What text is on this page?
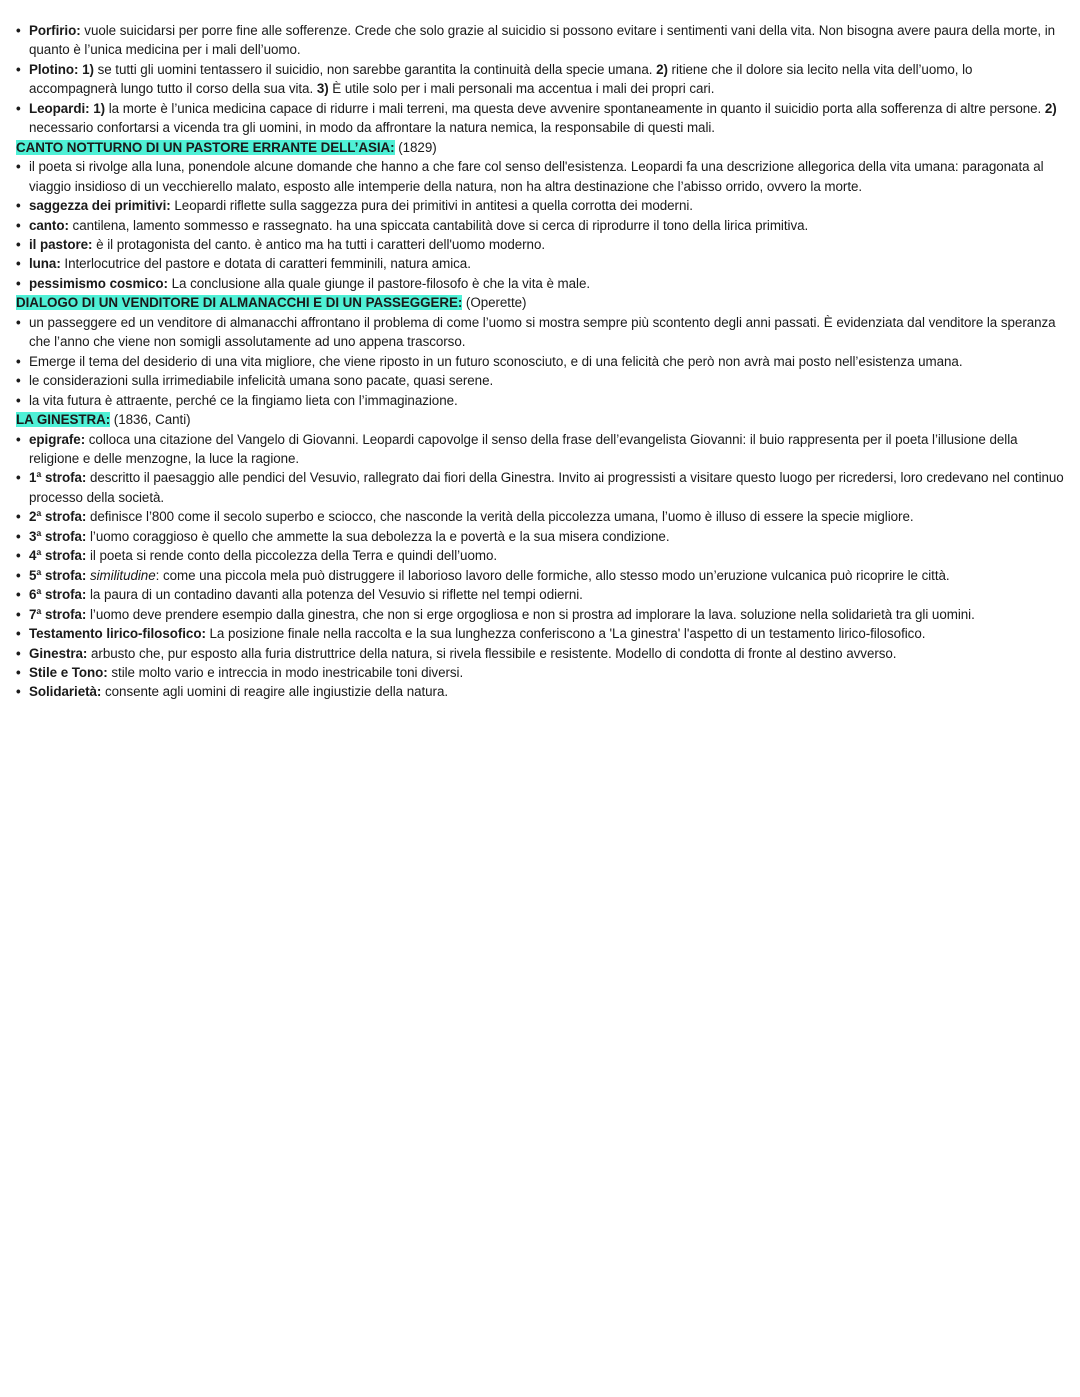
• Porfirio: vuole suicidarsi per porre fine alle sofferenze. Crede che solo grazie al suicidio si possono evitare i sentimenti vani della vita. Non bisogna avere paura della morte, in quanto è l’unica medicina per i mali dell’uomo.
• Plotino: 1) se tutti gli uomini tentassero il suicidio, non sarebbe garantita la continuità della specie umana. 2) ritiene che il dolore sia lecito nella vita dell’uomo, lo accompagnerà lungo tutto il corso della sua vita. 3) È utile solo per i mali personali ma accentua i mali dei propri cari.
• Leopardi: 1) la morte è l’unica medicina capace di ridurre i mali terreni, ma questa deve avvenire spontaneamente in quanto il suicidio porta alla sofferenza di altre persone. 2) necessario confortarsi a vicenda tra gli uomini, in modo da affrontare la natura nemica, la responsabile di questi mali.
CANTO NOTTURNO DI UN PASTORE ERRANTE DELL’ASIA: (1829)
• il poeta si rivolge alla luna, ponendole alcune domande che hanno a che fare col senso dell'esistenza. Leopardi fa una descrizione allegorica della vita umana: paragonata al viaggio insidioso di un vecchierello malato, esposto alle intemperie della natura, non ha altra destinazione che l’abisso orrido, ovvero la morte.
• saggezza dei primitivi: Leopardi riflette sulla saggezza pura dei primitivi in antitesi a quella corrotta dei moderni.
• canto: cantilena, lamento sommesso e rassegnato. ha una spiccata cantabilità dove si cerca di riprodurre il tono della lirica primitiva.
• il pastore: è il protagonista del canto. è antico ma ha tutti i caratteri dell'uomo moderno.
• luna: Interlocutrice del pastore e dotata di caratteri femminili, natura amica.
• pessimismo cosmico: La conclusione alla quale giunge il pastore-filosofo è che la vita è male.
DIALOGO DI UN VENDITORE DI ALMANACCHI E DI UN PASSEGGERE: (Operette)
• un passeggere ed un venditore di almanacchi affrontano il problema di come l’uomo si mostra sempre più scontento degli anni passati. È evidenziata dal venditore la speranza che l’anno che viene non somigli assolutamente ad uno appena trascorso.
• Emerge il tema del desiderio di una vita migliore, che viene riposto in un futuro sconosciuto, e di una felicità che però non avrà mai posto nell’esistenza umana.
• le considerazioni sulla irrimediabile infelicità umana sono pacate, quasi serene.
• la vita futura è attraente, perché ce la fingiamo lieta con l’immaginazione.
LA GINESTRA: (1836, Canti)
• epigrafe: colloca una citazione del Vangelo di Giovanni. Leopardi capovolge il senso della frase dell’evangelista Giovanni: il buio rappresenta per il poeta l’illusione della religione e delle menzogne, la luce la ragione.
• 1ª strofa: descritto il paesaggio alle pendici del Vesuvio, rallegrato dai fiori della Ginestra. Invito ai progressisti a visitare questo luogo per ricredersi, loro credevano nel continuo processo della società.
• 2ª strofa: definisce l’800 come il secolo superbo e sciocco, che nasconde la verità della piccolezza umana, l’uomo è illuso di essere la specie migliore.
• 3ª strofa: l’uomo coraggioso è quello che ammette la sua debolezza la e povertà e la sua misera condizione.
• 4ª strofa: il poeta si rende conto della piccolezza della Terra e quindi dell’uomo.
• 5ª strofa: similitudine: come una piccola mela può distruggere il laborioso lavoro delle formiche, allo stesso modo un’eruzione vulcanica può ricoprire le città.
• 6ª strofa: la paura di un contadino davanti alla potenza del Vesuvio si riflette nel tempi odierni.
• 7ª strofa: l’uomo deve prendere esempio dalla ginestra, che non si erge orgogliosa e non si prostra ad implorare la lava. soluzione nella solidarietà tra gli uomini.
• Testamento lirico-filosofico: La posizione finale nella raccolta e la sua lunghezza conferiscono a 'La ginestra' l'aspetto di un testamento lirico-filosofico.
• Ginestra: arbusto che, pur esposto alla furia distruttrice della natura, si rivela flessibile e resistente. Modello di condotta di fronte al destino avverso.
• Stile e Tono: stile molto vario e intreccia in modo inestricabile toni diversi.
• Solidarietà: consente agli uomini di reagire alle ingiustizie della natura.
